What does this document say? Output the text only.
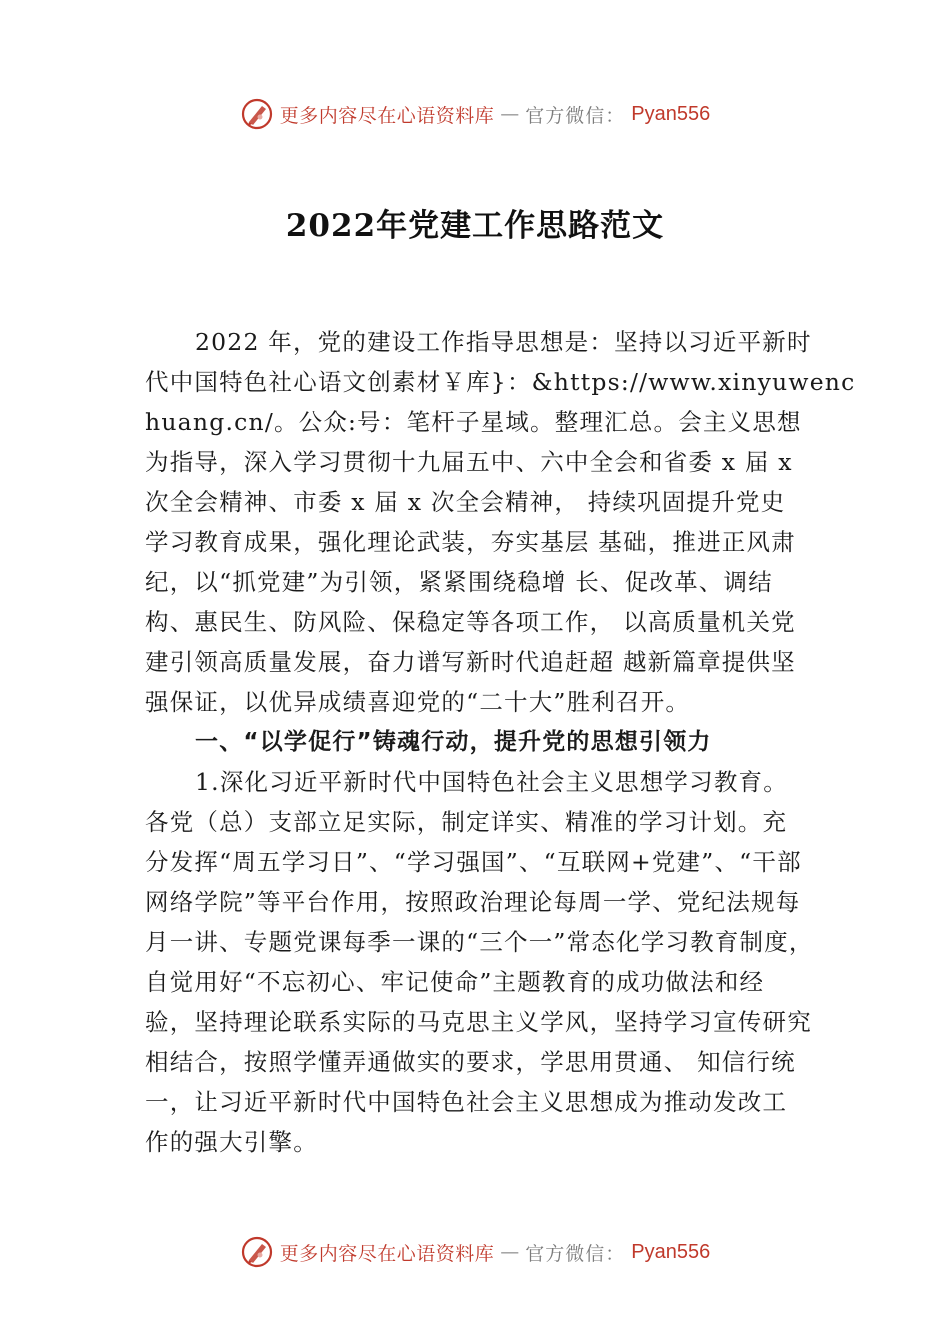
更多内容尽在心语资料库 — 官方微信： Pyan556
2022年党建工作思路范文
2022 年，党的建设工作指导思想是：坚持以习近平新时
代中国特色社心语文创素材￥库}：&https://www.xinyuwenc
huang.cn/。公众:号：笔杆子星域。整理汇总。会主义思想
为指导，深入学习贯彻十九届五中、六中全会和省委 x 届 x
次全会精神、市委 x 届 x 次全会精神， 持续巩固提升党史
学习教育成果，强化理论武装，夯实基层 基础，推进正风肃
纪，以“抓党建”为引领，紧紧围绕稳增 长、促改革、调结
构、惠民生、防风险、保稳定等各项工作， 以高质量机关党
建引领高质量发展，奋力谱写新时代追赶超 越新篇章提供坚
强保证，以优异成绩喜迎党的“二十大”胜利召开。
一、“以学促行”铸魂行动，提升党的思想引领力
1.深化习近平新时代中国特色社会主义思想学习教育。
各党（总）支部立足实际，制定详实、精准的学习计划。充
分发挥“周五学习日”、“学习强国”、“互联网+党建”、“干部
网络学院”等平台作用，按照政治理论每周一学、党纪法规每
月一讲、专题党课每季一课的“三个一”常态化学习教育制度，
自觉用好“不忘初心、牢记使命”主题教育的成功做法和经
验，坚持理论联系实际的马克思主义学风，坚持学习宣传研究
相结合，按照学懂弄通做实的要求，学思用贯通、 知信行统
一，让习近平新时代中国特色社会主义思想成为推动发改工
作的强大引擎。
更多内容尽在心语资料库 — 官方微信： Pyan556
